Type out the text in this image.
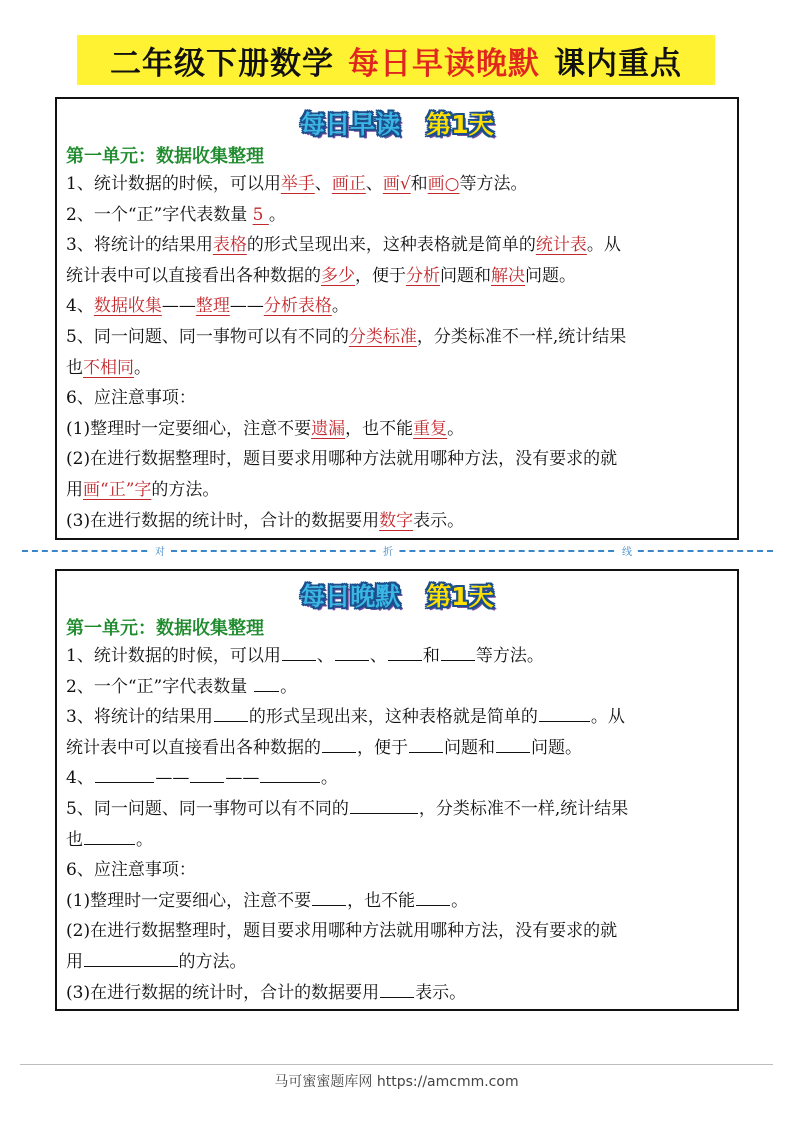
二年级下册数学 每日早读晚默 课内重点
每日早读 第1天
第一单元：数据收集整理
1、统计数据的时候，可以用举手、画正、画√和画○等方法。
2、一个“正”字代表数量 5 。
3、将统计的结果用表格的形式呈现出来，这种表格就是简单的统计表。从
统计表中可以直接看出各种数据的多少，便于分析问题和解决问题。
4、数据收集——整理——分析表格。
5、同一问题、同一事物可以有不同的分类标准，分类标准不一样,统计结果
也不相同。
6、应注意事项：
(1)整理时一定要细心，注意不要遗漏，也不能重复。
(2)在进行数据整理时，题目要求用哪种方法就用哪种方法，没有要求的就
用画“正”字的方法。
(3)在进行数据的统计时，合计的数据要用数字表示。
对	折	线
每日晚默 第1天
第一单元：数据收集整理
1、统计数据的时候，可以用 、 、 和 等方法。
2、一个“正”字代表数量 。
3、将统计的结果用 的形式呈现出来，这种表格就是简单的	。从
统计表中可以直接看出各种数据的 ，便于 问题和 问题。
4、	—— ——	。
5、同一问题、同一事物可以有不同的	，分类标准不一样,统计结果
也	。
6、应注意事项：
(1)整理时一定要细心，注意不要 ，也不能 。
(2)在进行数据整理时，题目要求用哪种方法就用哪种方法，没有要求的就
用	的方法。
(3)在进行数据的统计时，合计的数据要用 表示。
马可蜜蜜题库网 https://amcmm.com
